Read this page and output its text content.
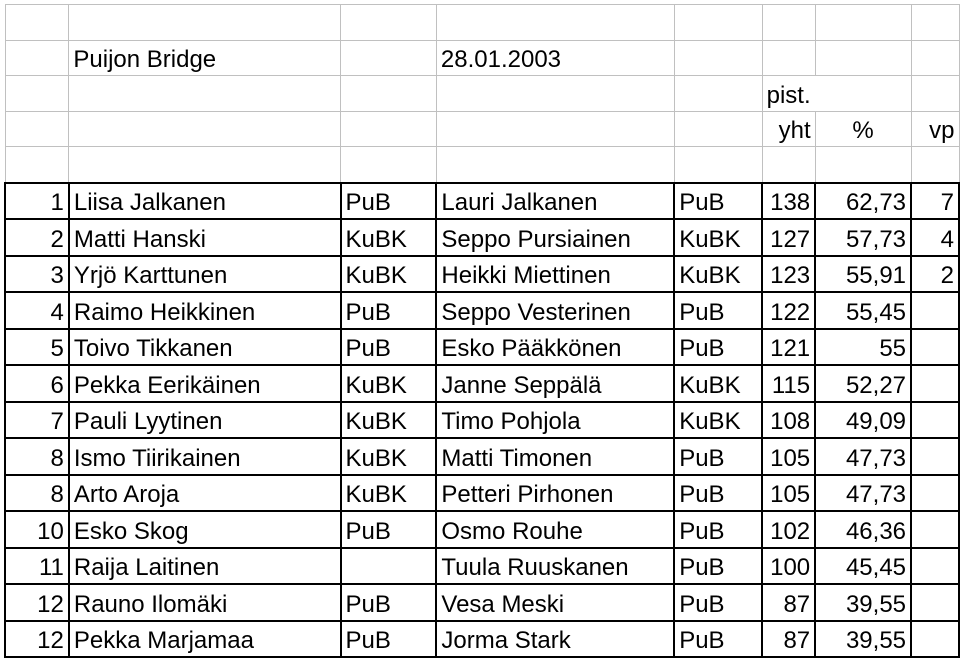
	Puijon Bridge		28.01.2003				
					pist.		
					yht	%	vp

1	Liisa Jalkanen	PuB	Lauri Jalkanen	PuB	138	62,73	7
2	Matti Hanski	KuBK	Seppo Pursiainen	KuBK	127	57,73	4
3	Yrjö Karttunen	KuBK	Heikki Miettinen	KuBK	123	55,91	2
4	Raimo Heikkinen	PuB	Seppo Vesterinen	PuB	122	55,45	
5	Toivo Tikkanen	PuB	Esko Pääkkönen	PuB	121	55	
6	Pekka Eerikäinen	KuBK	Janne Seppälä	KuBK	115	52,27	
7	Pauli Lyytinen	KuBK	Timo Pohjola	KuBK	108	49,09	
8	Ismo Tiirikainen	KuBK	Matti Timonen	PuB	105	47,73	
8	Arto Aroja	KuBK	Petteri Pirhonen	PuB	105	47,73	
10	Esko Skog	PuB	Osmo Rouhe	PuB	102	46,36	
11	Raija Laitinen		Tuula Ruuskanen	PuB	100	45,45	
12	Rauno Ilomäki	PuB	Vesa Meski	PuB	87	39,55	
12	Pekka Marjamaa	PuB	Jorma Stark	PuB	87	39,55	
